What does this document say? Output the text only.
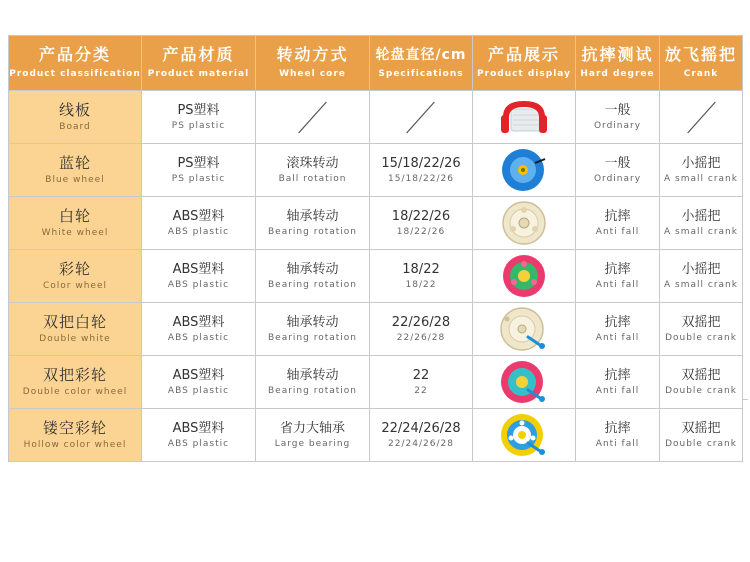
产品分类
Product classification	产品材质
Product material	转动方式
Wheel core	轮盘直径/cm
Specifications	产品展示
Product display	抗摔测试
Hard degree	放飞摇把
Crank

线板
Board	PS塑料
PS plastic				一般
Ordinary

蓝轮
Blue wheel	PS塑料
PS plastic	滚珠转动
Ball rotation	15/18/22/26
15/18/22/26		一般
Ordinary	小摇把
A small crank

白轮
White wheel	ABS塑料
ABS plastic	轴承转动
Bearing rotation	18/22/26
18/22/26		抗摔
Anti fall	小摇把
A small crank

彩轮
Color wheel	ABS塑料
ABS plastic	轴承转动
Bearing rotation	18/22
18/22		抗摔
Anti fall	小摇把
A small crank

双把白轮
Double white	ABS塑料
ABS plastic	轴承转动
Bearing rotation	22/26/28
22/26/28		抗摔
Anti fall	双摇把
Double crank

双把彩轮
Double color wheel	ABS塑料
ABS plastic	轴承转动
Bearing rotation	22
22		抗摔
Anti fall	双摇把
Double crank

镂空彩轮
Hollow color wheel	ABS塑料
ABS plastic	省力大轴承
Large bearing	22/24/26/28
22/24/26/28		抗摔
Anti fall	双摇把
Double crank
